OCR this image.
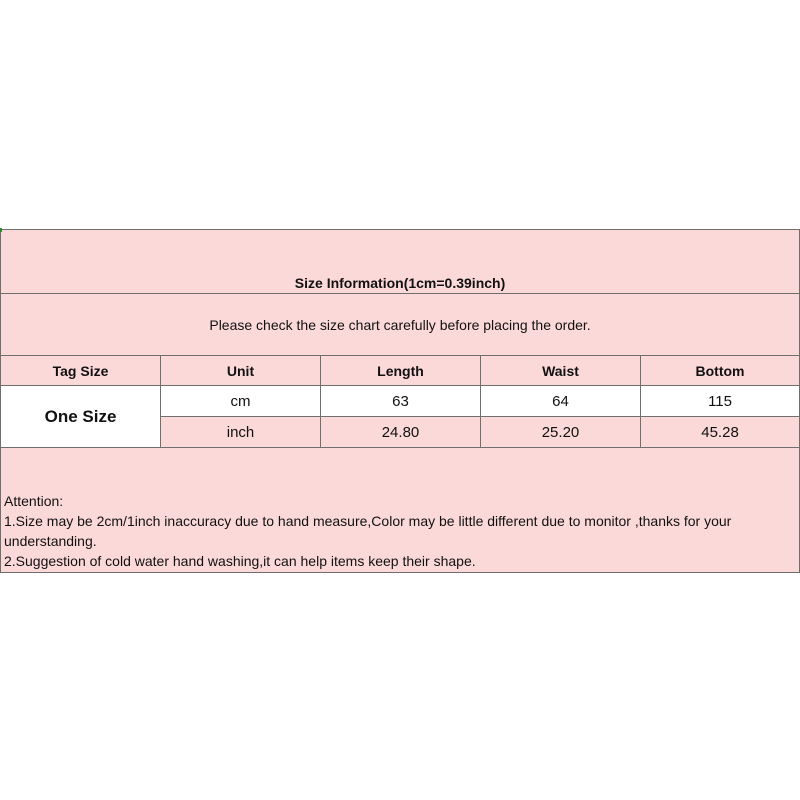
Size Information(1cm=0.39inch)				
Please check the size chart carefully before placing the order.				
Tag Size	Unit	Length	Waist	Bottom
One Size	cm	63	64	115
	inch	24.80	25.20	45.28

Attention:
1.Size may be 2cm/1inch inaccuracy due to hand measure,Color may be little different due to monitor ,thanks for your understanding.
2.Suggestion of cold water hand washing,it can help items keep their shape.				
